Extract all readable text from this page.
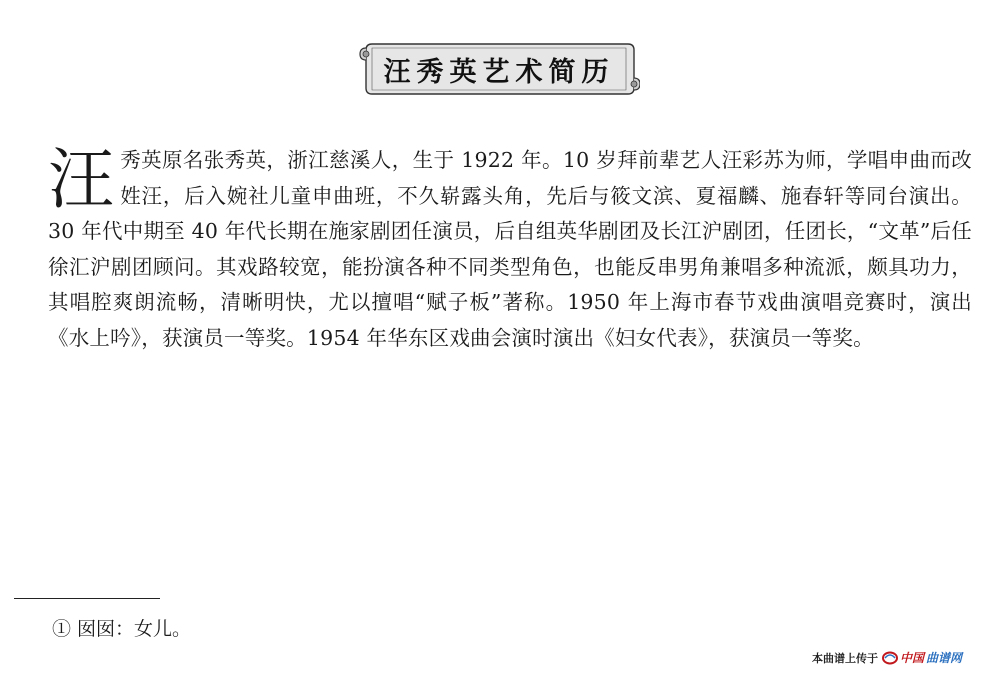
汪秀英艺术简历
汪 秀英原名张秀英，浙江慈溪人，生于 1922 年。10 岁拜前辈艺人汪彩苏为师，学唱申曲而改姓汪，后入婉社儿童申曲班，不久崭露头角，先后与筱文滨、夏福麟、施春轩等同台演出。30 年代中期至 40 年代长期在施家剧团任演员，后自组英华剧团及长江沪剧团，任团长，“文革”后任徐汇沪剧团顾问。其戏路较宽，能扮演各种不同类型角色，也能反串男角兼唱多种流派，颇具功力，其唱腔爽朗流畅，清晰明快，尤以擅唱“赋子板”著称。1950 年上海市春节戏曲演唱竞赛时，演出《水上吟》，获演员一等奖。1954 年华东区戏曲会演时演出《妇女代表》，获演员一等奖。
① 囡囡：女儿。
本曲谱上传于 中国 曲谱网
